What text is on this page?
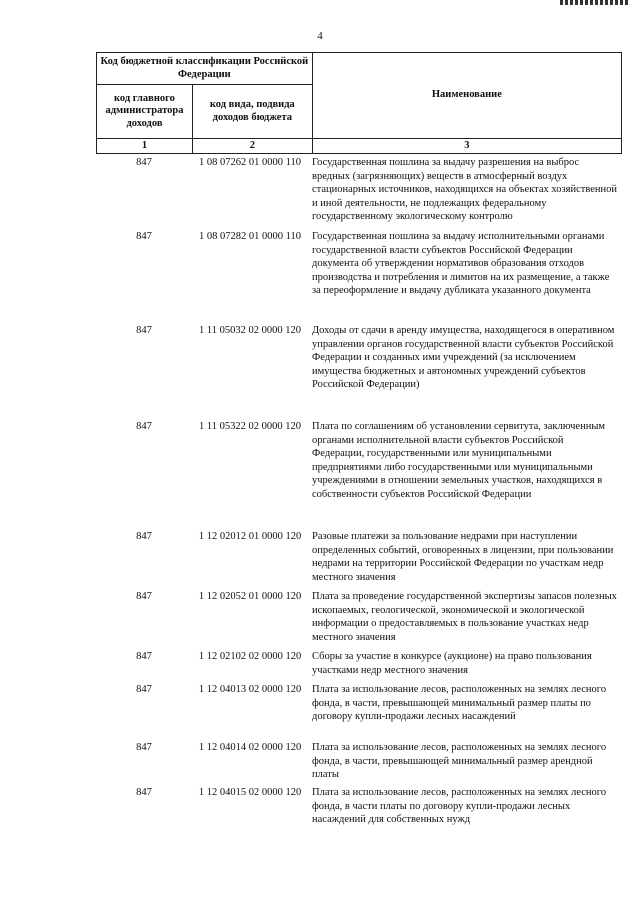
4
Код бюджетной классификации Российской Федерации		Наименование
код главного администратора доходов	код вида, подвида доходов бюджета	
1	2	3
847	1 08 07262 01 0000 110	Государственная пошлина за выдачу разрешения на выброс вредных (загрязняющих) веществ в атмосферный воздух стационарных источников, находящихся на объектах хозяйственной и иной деятельности, не подлежащих федеральному государственному экологическому контролю
847	1 08 07282 01 0000 110	Государственная пошлина за выдачу исполнительными органами государственной власти субъектов Российской Федерации документа об утверждении нормативов образования отходов производства и потребления и лимитов на их размещение, а также за переоформление и выдачу дубликата указанного документа
847	1 11 05032 02 0000 120	Доходы от сдачи в аренду имущества, находящегося в оперативном управлении органов государственной власти субъектов Российской Федерации и созданных ими учреждений (за исключением имущества бюджетных и автономных учреждений субъектов Российской Федерации)
847	1 11 05322 02 0000 120	Плата по соглашениям об установлении сервитута, заключенным органами исполнительной власти субъектов Российской Федерации, государственными или муниципальными предприятиями либо государственными или муниципальными учреждениями в отношении земельных участков, находящихся в собственности субъектов Российской Федерации
847	1 12 02012 01 0000 120	Разовые платежи за пользование недрами при наступлении определенных событий, оговоренных в лицензии, при пользовании недрами на территории Российской Федерации по участкам недр местного значения
847	1 12 02052 01 0000 120	Плата за проведение государственной экспертизы запасов полезных ископаемых, геологической, экономической и экологической информации о предоставляемых в пользование участках недр местного значения
847	1 12 02102 02 0000 120	Сборы за участие в конкурсе (аукционе) на право пользования участками недр местного значения
847	1 12 04013 02 0000 120	Плата за использование лесов, расположенных на землях лесного фонда, в части, превышающей минимальный размер платы по договору купли-продажи лесных насаждений
847	1 12 04014 02 0000 120	Плата за использование лесов, расположенных на землях лесного фонда, в части, превышающей минимальный размер арендной платы
847	1 12 04015 02 0000 120	Плата за использование лесов, расположенных на землях лесного фонда, в части платы по договору купли-продажи лесных насаждений для собственных нужд
